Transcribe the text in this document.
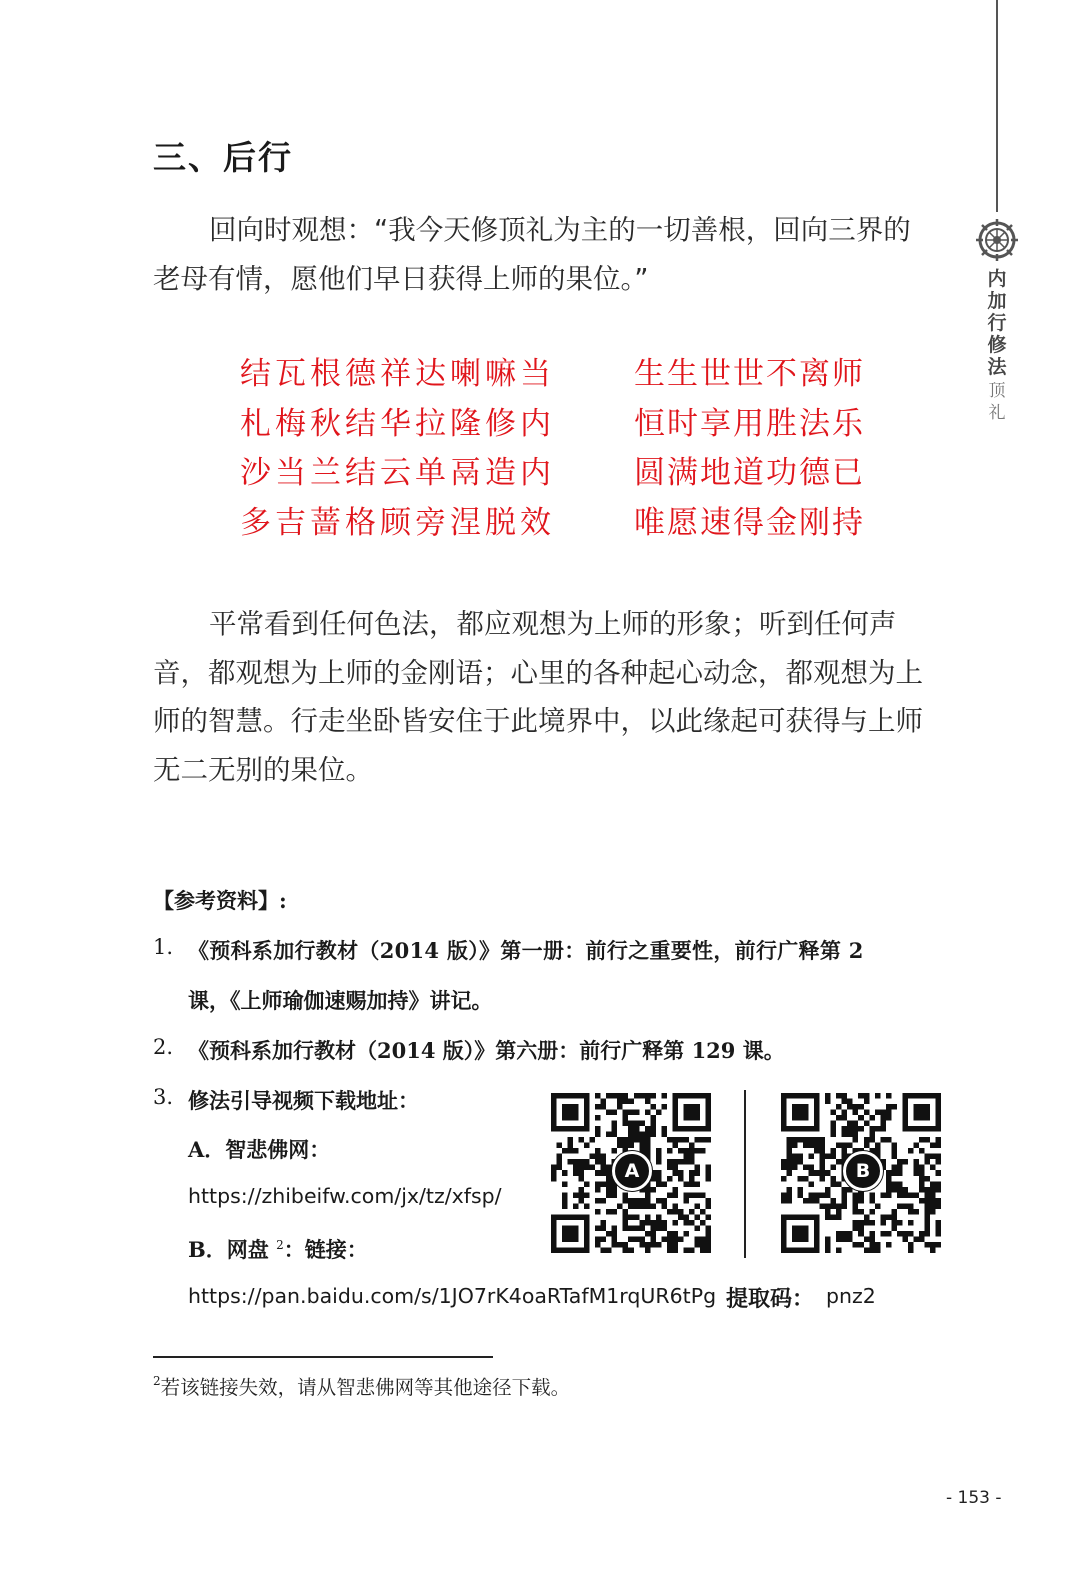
内
加
行
修
法
顶
礼
三、后行

回向时观想：“我今天修顶礼为主的一切善根，回向三界的老母有情，愿他们早日获得上师的果位。”

结瓦根德祥达喇嘛当
札梅秋结华拉隆修内
沙当兰结云单鬲造内
多吉蔷格顾旁涅脱效
生生世世不离师
恒时享用胜法乐
圆满地道功德已
唯愿速得金刚持

平常看到任何色法，都应观想为上师的形象；听到任何声音，都观想为上师的金刚语；心里的各种起心动念，都观想为上师的智慧。行走坐卧皆安住于此境界中，以此缘起可获得与上师无二无别的果位。

【参考资料】:
1. 《预科系加行教材（2014 版）》第一册：前行之重要性，前行广释第 2
课，《上师瑜伽速赐加持》讲记。
2. 《预科系加行教材（2014 版）》第六册：前行广释第 129 课。
3. 修法引导视频下载地址：
A．智悲佛网：
https://zhibeifw.com/jx/tz/xfsp/
B．网盘 $^2$：链接：
https://pan.baidu.com/s/1JO7rK4oaRTafM1rqUR6tPg 提取码： pnz2
A	B
$^2$若该链接失效，请从智悲佛网等其他途径下载。
- 153 -
